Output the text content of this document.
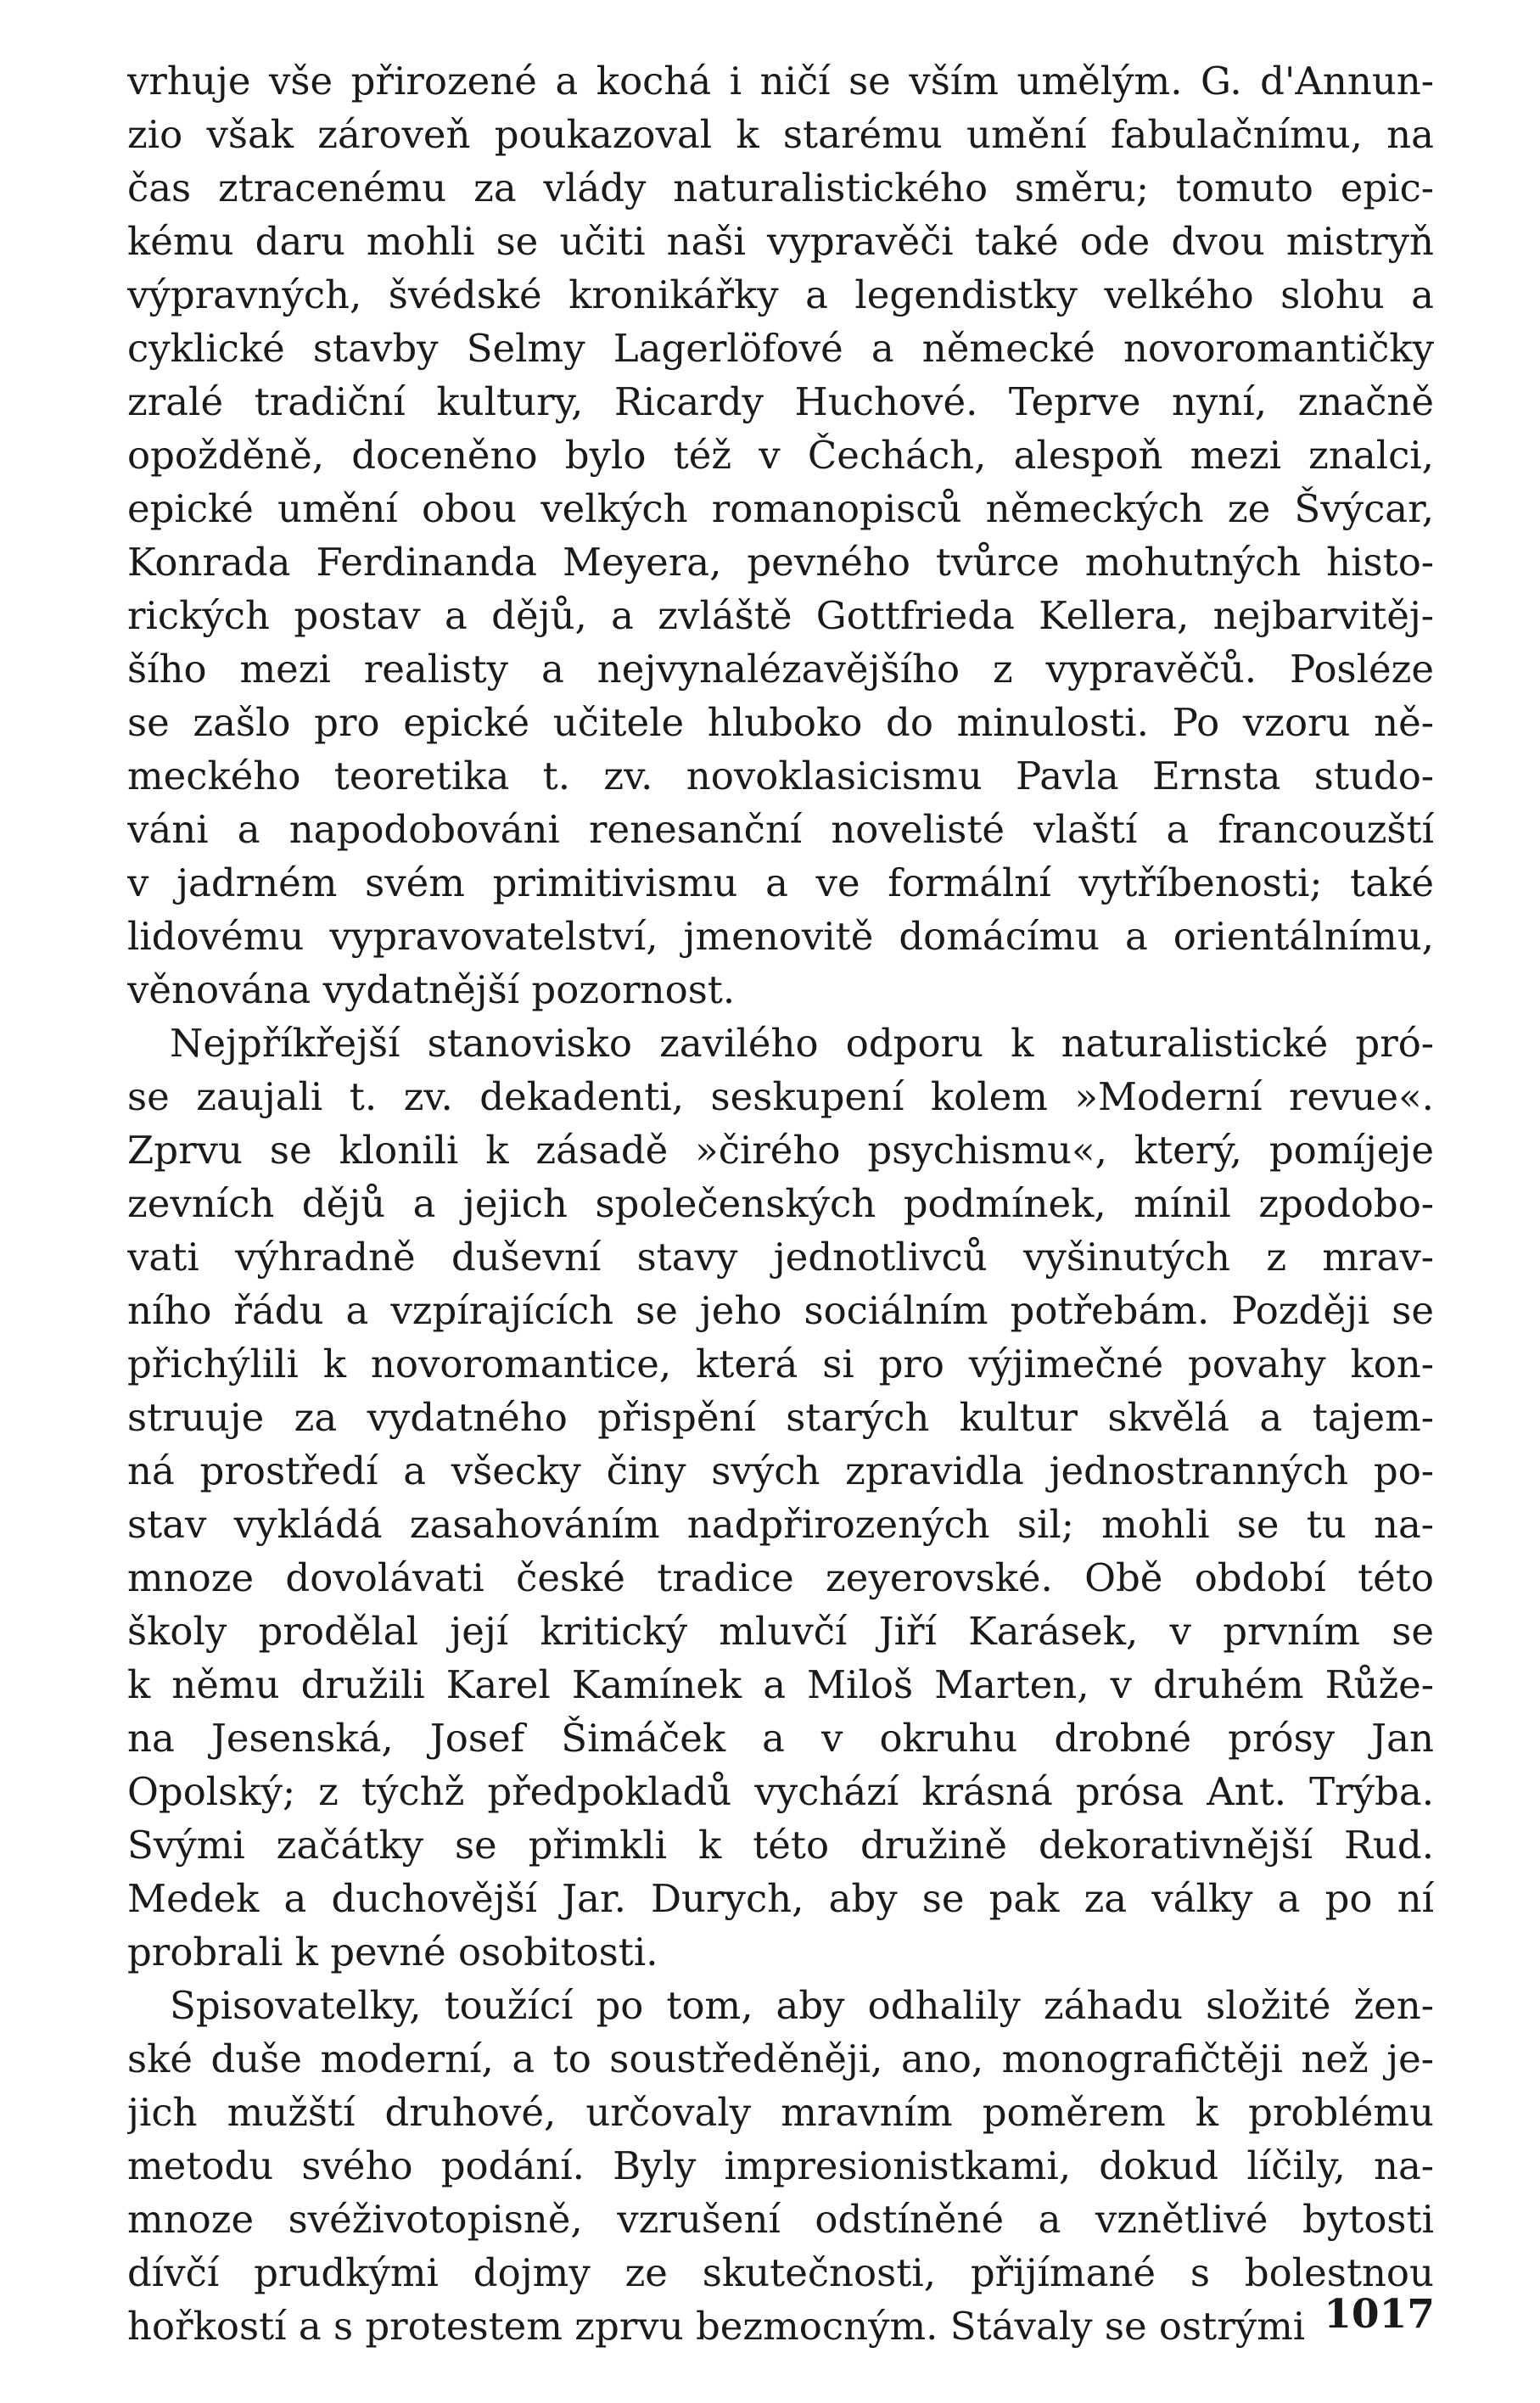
vrhuje vše přirozené a kochá i ničí se vším umělým. G. d'Annun-
zio však zároveň poukazoval k starému umění fabulačnímu, na
čas ztracenému za vlády naturalistického směru; tomuto epic-
kému daru mohli se učiti naši vypravěči také ode dvou mistryň
výpravných, švédské kronikářky a legendistky velkého slohu a
cyklické stavby Selmy Lagerlöfové a německé novoromantičky
zralé tradiční kultury, Ricardy Huchové. Teprve nyní, značně
opožděně, doceněno bylo též v Čechách, alespoň mezi znalci,
epické umění obou velkých romanopisců německých ze Švýcar,
Konrada Ferdinanda Meyera, pevného tvůrce mohutných histo-
rických postav a dějů, a zvláště Gottfrieda Kellera, nejbarvitěj-
šího mezi realisty a nejvynalézavějšího z vypravěčů. Posléze
se zašlo pro epické učitele hluboko do minulosti. Po vzoru ně-
meckého teoretika t. zv. novoklasicismu Pavla Ernsta studo-
váni a napodobováni renesanční novelisté vlaští a francouzští
v jadrném svém primitivismu a ve formální vytříbenosti; také
lidovému vypravovatelství, jmenovitě domácímu a orientálnímu,
věnována vydatnější pozornost.
Nejpříkřejší stanovisko zavilého odporu k naturalistické pró-
se zaujali t. zv. dekadenti, seskupení kolem »Moderní revue«.
Zprvu se klonili k zásadě »čirého psychismu«, který, pomíjeje
zevních dějů a jejich společenských podmínek, mínil zpodobo-
vati výhradně duševní stavy jednotlivců vyšinutých z mrav-
ního řádu a vzpírajících se jeho sociálním potřebám. Později se
přichýlili k novoromantice, která si pro výjimečné povahy kon-
struuje za vydatného přispění starých kultur skvělá a tajem-
ná prostředí a všecky činy svých zpravidla jednostranných po-
stav vykládá zasahováním nadpřirozených sil; mohli se tu na-
mnoze dovolávati české tradice zeyerovské. Obě období této
školy prodělal její kritický mluvčí Jiří Karásek, v prvním se
k němu družili Karel Kamínek a Miloš Marten, v druhém Růže-
na Jesenská, Josef Šimáček a v okruhu drobné prósy Jan
Opolský; z týchž předpokladů vychází krásná prósa Ant. Trýba.
Svými začátky se přimkli k této družině dekorativnější Rud.
Medek a duchovější Jar. Durych, aby se pak za války a po ní
probrali k pevné osobitosti.
Spisovatelky, toužící po tom, aby odhalily záhadu složité žen-
ské duše moderní, a to soustředěněji, ano, monografičtěji než je-
jich mužští druhové, určovaly mravním poměrem k problému
metodu svého podání. Byly impresionistkami, dokud líčily, na-
mnoze svéživotopisně, vzrušení odstíněné a vznětlivé bytosti
dívčí prudkými dojmy ze skutečnosti, přijímané s bolestnou
hořkostí a s protestem zprvu bezmocným. Stávaly se ostrými 1017
